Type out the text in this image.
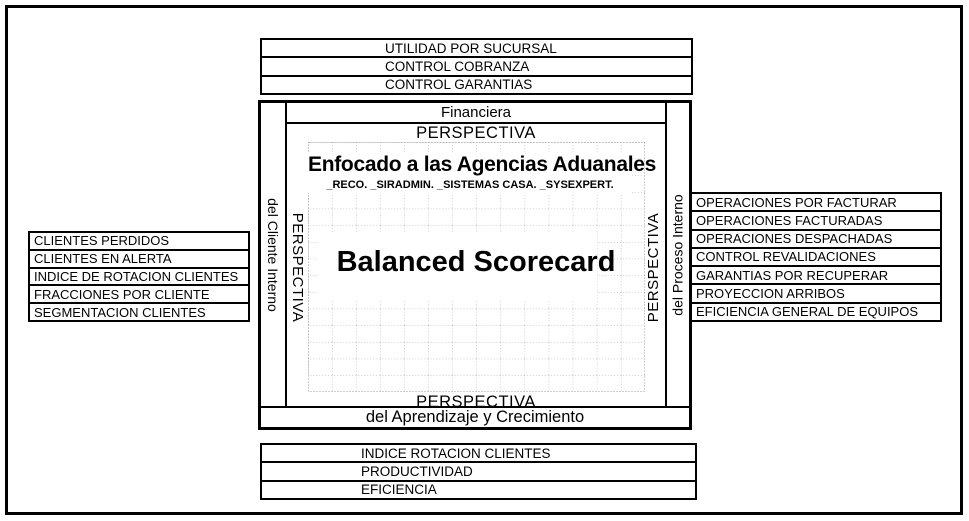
UTILIDAD POR SUCURSAL
CONTROL COBRANZA
CONTROL GARANTIAS
CLIENTES PERDIDOS
CLIENTES EN ALERTA
INDICE DE ROTACION CLIENTES
FRACCIONES POR CLIENTE
SEGMENTACION CLIENTES
OPERACIONES POR FACTURAR
OPERACIONES FACTURADAS
OPERACIONES DESPACHADAS
CONTROL REVALIDACIONES
GARANTIAS POR RECUPERAR
PROYECCION ARRIBOS
EFICIENCIA GENERAL DE EQUIPOS
INDICE ROTACION CLIENTES
PRODUCTIVIDAD
EFICIENCIA
del Cliente Interno	del Proceso Interno
Financiera
del Aprendizaje y Crecimiento
PERSPECTIVA
PERSPECTIVA	PERSPECTIVA
Enfocado a las Agencias Aduanales
_RECO. _SIRADMIN. _SISTEMAS CASA. _SYSEXPERT.
Balanced Scorecard
PERSPECTIVA
